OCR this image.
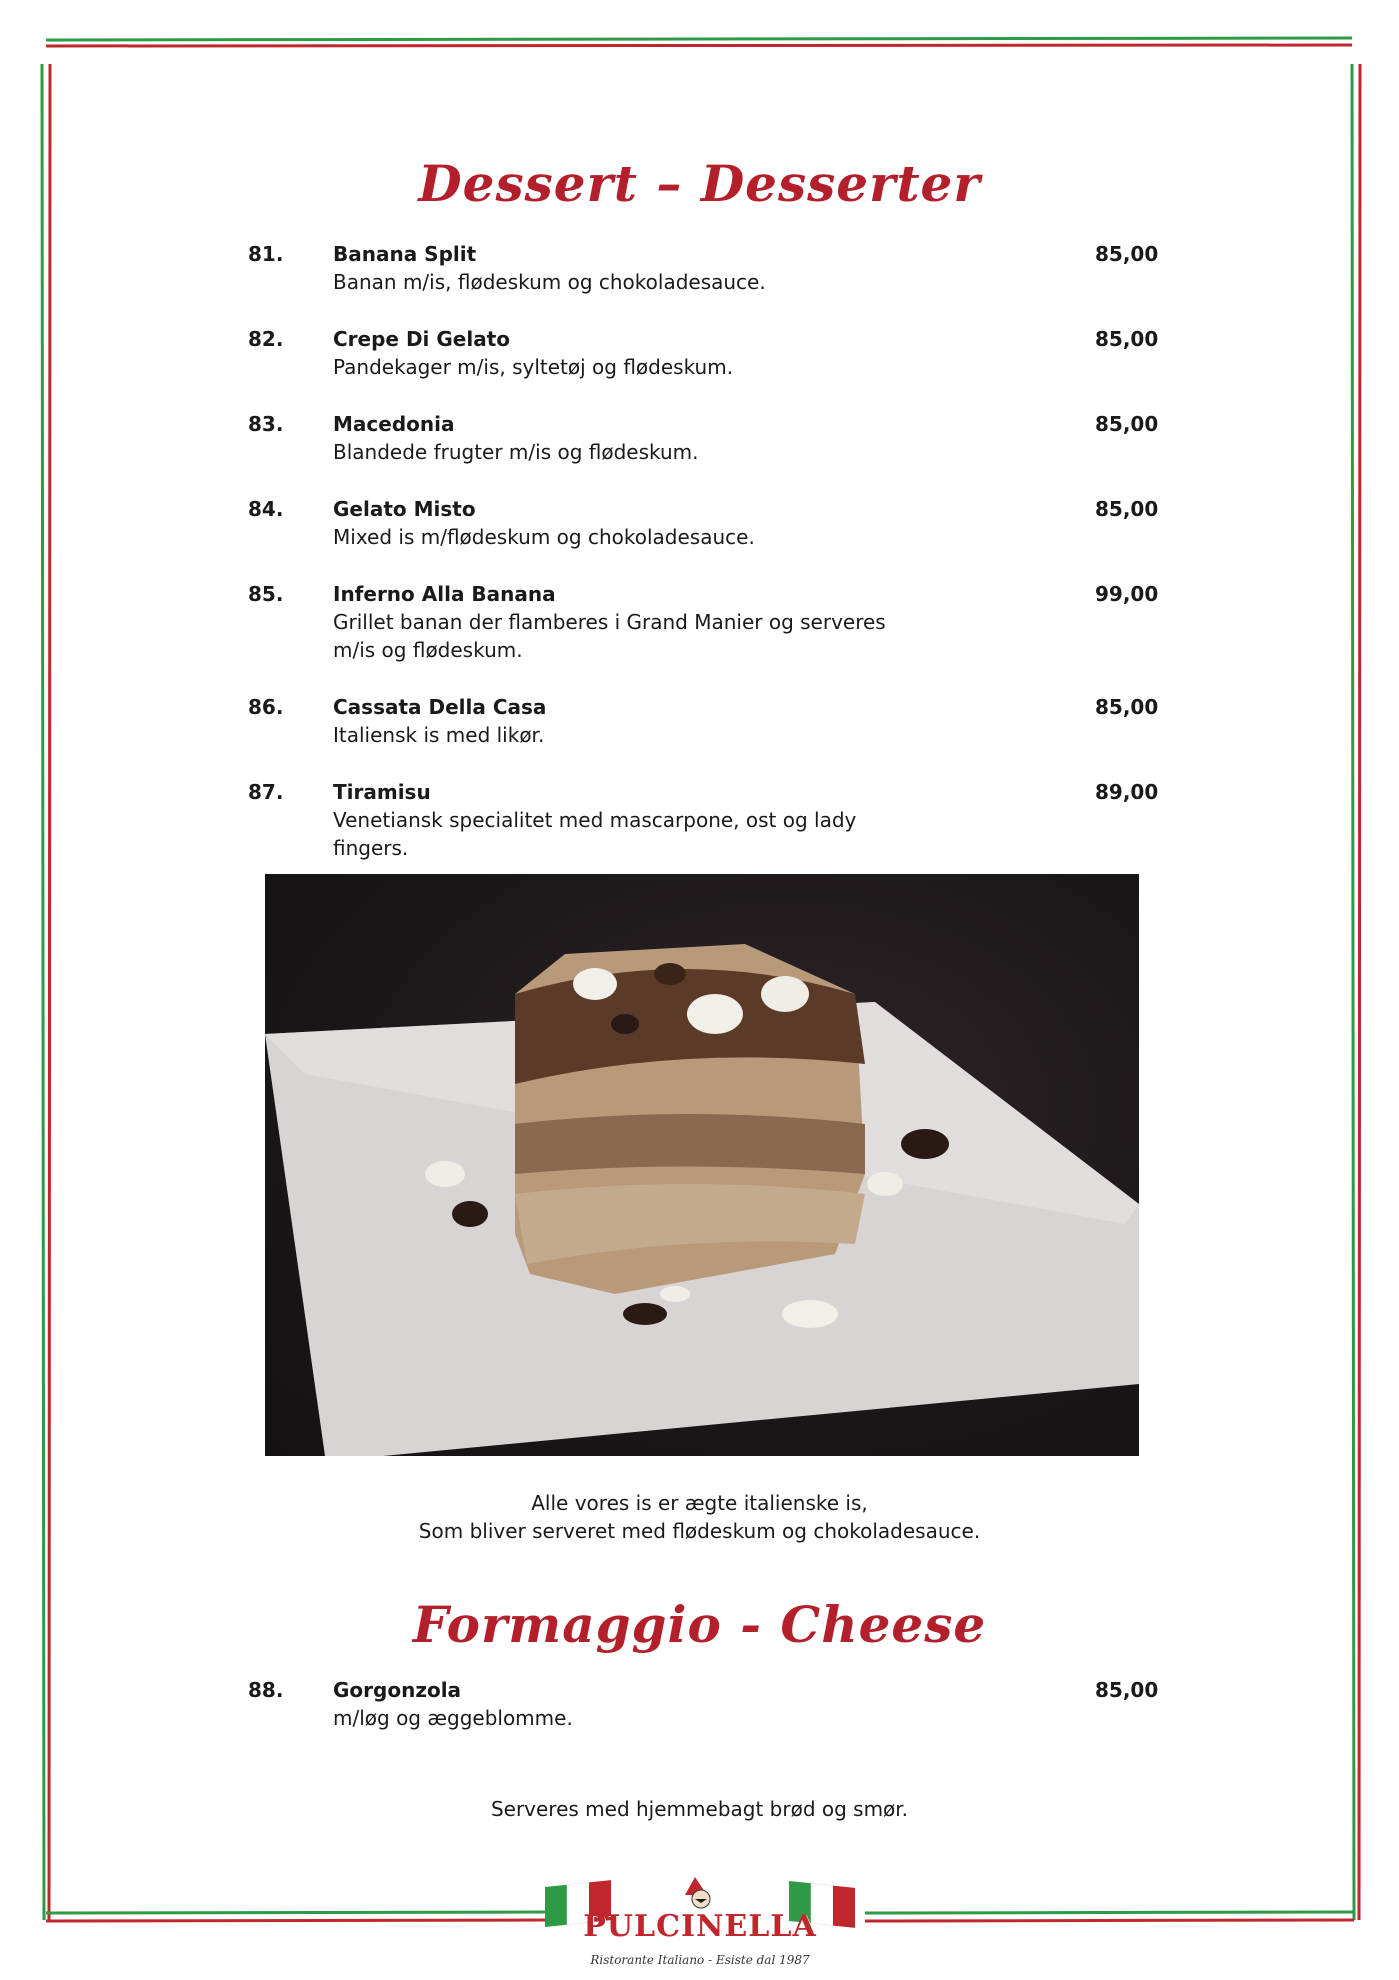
Dessert – Desserter
81. Banana Split
Banan m/is, flødeskum og chokoladesauce.
85,00
82. Crepe Di Gelato
Pandekager m/is, syltetøj og flødeskum.
85,00
83. Macedonia
Blandede frugter m/is og flødeskum.
85,00
84. Gelato Misto
Mixed is m/flødeskum og chokoladesauce.
85,00
85. Inferno Alla Banana
Grillet banan der flamberes i Grand Manier og serveres
m/is og flødeskum.
99,00
86. Cassata Della Casa
Italiensk is med likør.
85,00
87. Tiramisu
Venetiansk specialitet med mascarpone, ost og lady fingers.
89,00
Alle vores is er ægte italienske is,
Som bliver serveret med flødeskum og chokoladesauce.
Formaggio - Cheese
88. Gorgonzola
m/løg og æggeblomme.
85,00
Serveres med hjemmebagt brød og smør.
PULCINELLA
Ristorante Italiano - Esiste dal 1987
